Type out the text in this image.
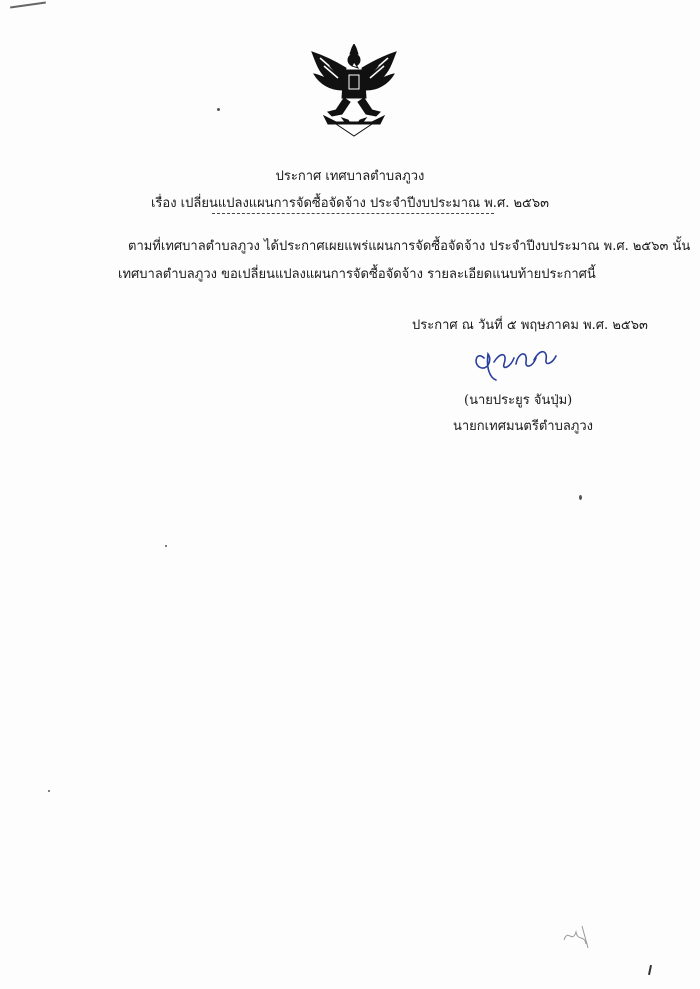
ประกาศ เทศบาลตำบลภูวง
เรื่อง เปลี่ยนแปลงแผนการจัดซื้อจัดจ้าง ประจำปีงบประมาณ พ.ศ. ๒๕๖๓
ตามที่เทศบาลตำบลภูวง ได้ประกาศเผยแพร่แผนการจัดซื้อจัดจ้าง ประจำปีงบประมาณ พ.ศ. ๒๕๖๓ นั้น
เทศบาลตำบลภูวง ขอเปลี่ยนแปลงแผนการจัดซื้อจัดจ้าง รายละเอียดแนบท้ายประกาศนี้
ประกาศ ณ วันที่ ๕ พฤษภาคม พ.ศ. ๒๕๖๓
(นายประยูร จันปุ่ม)
นายกเทศมนตรีตำบลภูวง
